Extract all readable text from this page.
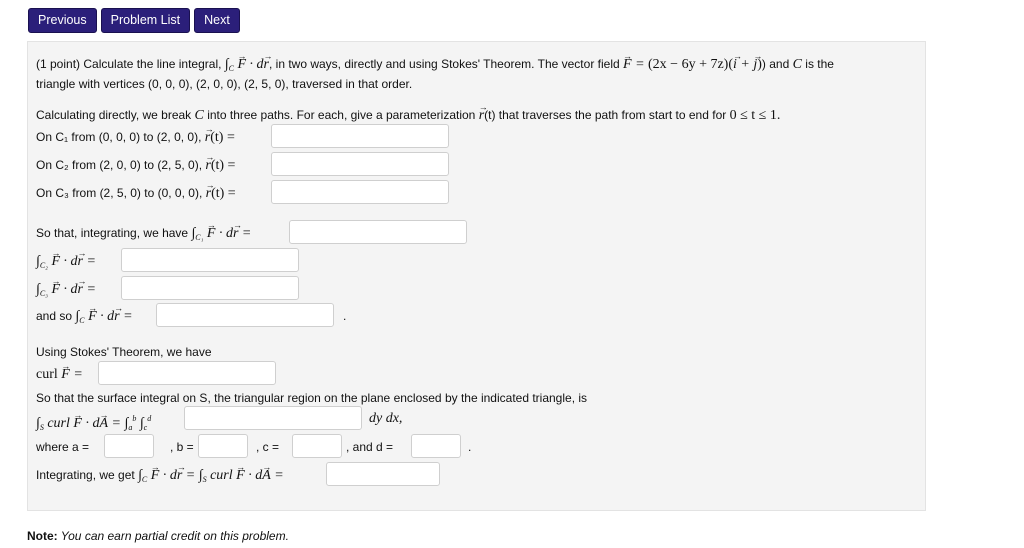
Previous	Problem List	Next
(1 point) Calculate the line integral, $\int_C \to F \cdot d\to r$, in two ways, directly and using Stokes' Theorem. The vector field → F = (2x − 6y + 7z)(→ i + → j)) and C is the
triangle with vertices (0, 0, 0), (2, 0, 0), (2, 5, 0), traversed in that order.
Calculating directly, we break C into three paths. For each, give a parameterization → r(t) that traverses the path from start to end for 0 ≤ t ≤ 1.
On C₁ from (0, 0, 0) to (2, 0, 0), → r(t) =
On C₂ from (2, 0, 0) to (2, 5, 0), → r(t) =
On C₃ from (2, 5, 0) to (0, 0, 0), → r(t) =
So that, integrating, we have $\int_{C_1} \to F \cdot d\to r$ =
$\int_{C_2} \to F \cdot d\to r$ =
$\int_{C_3} \to F \cdot d\to r$ =
and so $\int_C \to F \cdot d\to r$ =	.
Using Stokes' Theorem, we have
curl → F =
So that the surface integral on S, the triangular region on the plane enclosed by the indicated triangle, is
$\int_S$ curl → $F \cdot d\to A = \int_a^b$ $\int_c^d$	dy dx,
where a =	, b =	, c =	, and d =	.
Integrating, we get $\int_C \to F \cdot d\to r = \int_S$ curl → F · d→ A =
Note: You can earn partial credit on this problem.
